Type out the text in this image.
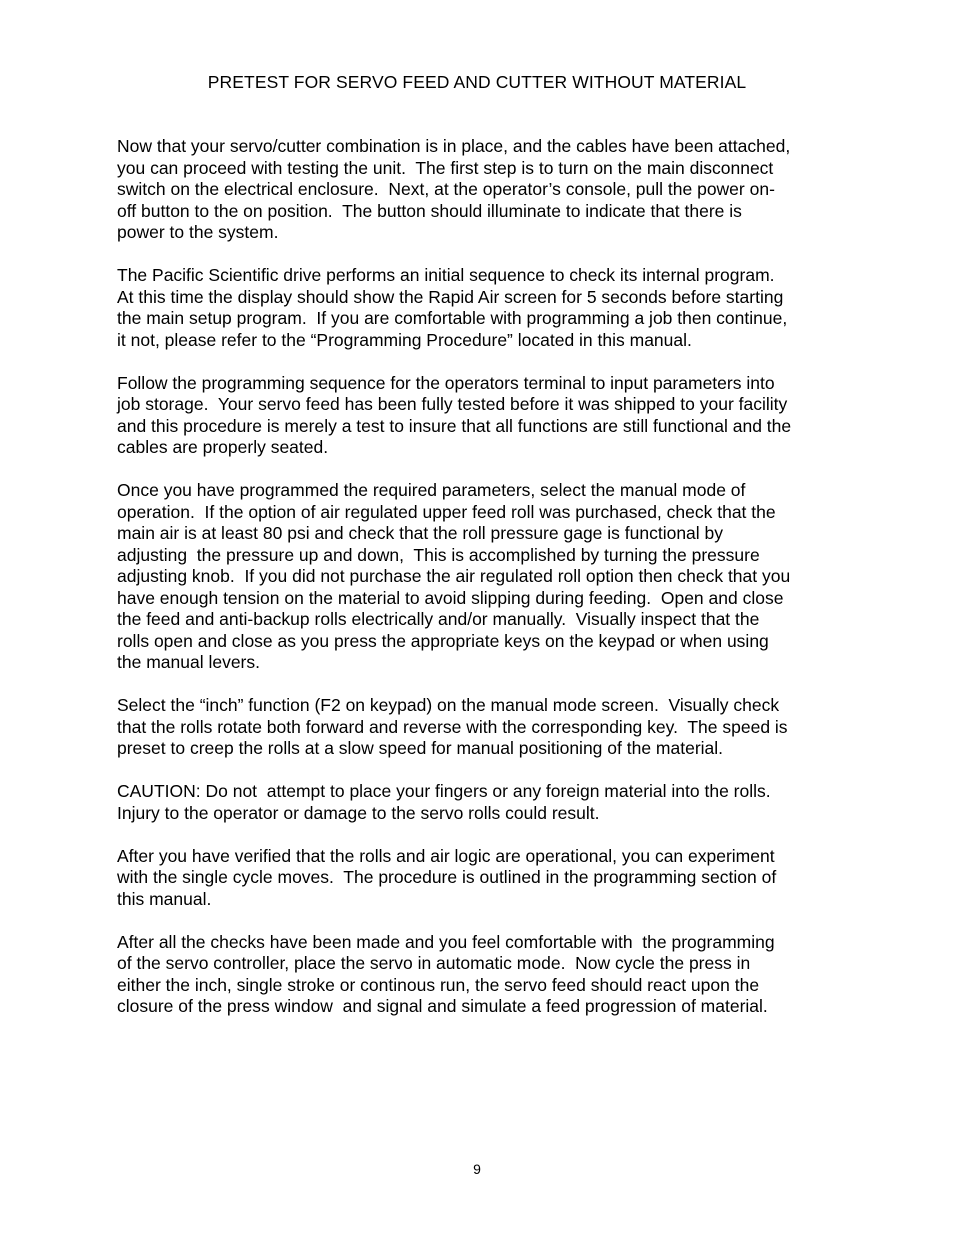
PRETEST FOR SERVO FEED AND CUTTER WITHOUT MATERIAL

Now that your servo/cutter combination is in place, and the cables have been attached,
you can proceed with testing the unit.  The first step is to turn on the main disconnect
switch on the electrical enclosure.  Next, at the operator’s console, pull the power on-
off button to the on position.  The button should illuminate to indicate that there is
power to the system.

The Pacific Scientific drive performs an initial sequence to check its internal program.
At this time the display should show the Rapid Air screen for 5 seconds before starting
the main setup program.  If you are comfortable with programming a job then continue,
it not, please refer to the “Programming Procedure” located in this manual.

Follow the programming sequence for the operators terminal to input parameters into
job storage.  Your servo feed has been fully tested before it was shipped to your facility
and this procedure is merely a test to insure that all functions are still functional and the
cables are properly seated.

Once you have programmed the required parameters, select the manual mode of
operation.  If the option of air regulated upper feed roll was purchased, check that the
main air is at least 80 psi and check that the roll pressure gage is functional by
adjusting  the pressure up and down,  This is accomplished by turning the pressure
adjusting knob.  If you did not purchase the air regulated roll option then check that you
have enough tension on the material to avoid slipping during feeding.  Open and close
the feed and anti-backup rolls electrically and/or manually.  Visually inspect that the
rolls open and close as you press the appropriate keys on the keypad or when using
the manual levers.

Select the “inch” function (F2 on keypad) on the manual mode screen.  Visually check
that the rolls rotate both forward and reverse with the corresponding key.  The speed is
preset to creep the rolls at a slow speed for manual positioning of the material.

CAUTION: Do not  attempt to place your fingers or any foreign material into the rolls.
Injury to the operator or damage to the servo rolls could result.

After you have verified that the rolls and air logic are operational, you can experiment
with the single cycle moves.  The procedure is outlined in the programming section of
this manual.

After all the checks have been made and you feel comfortable with  the programming
of the servo controller, place the servo in automatic mode.  Now cycle the press in
either the inch, single stroke or continous run, the servo feed should react upon the
closure of the press window  and signal and simulate a feed progression of material.

9
